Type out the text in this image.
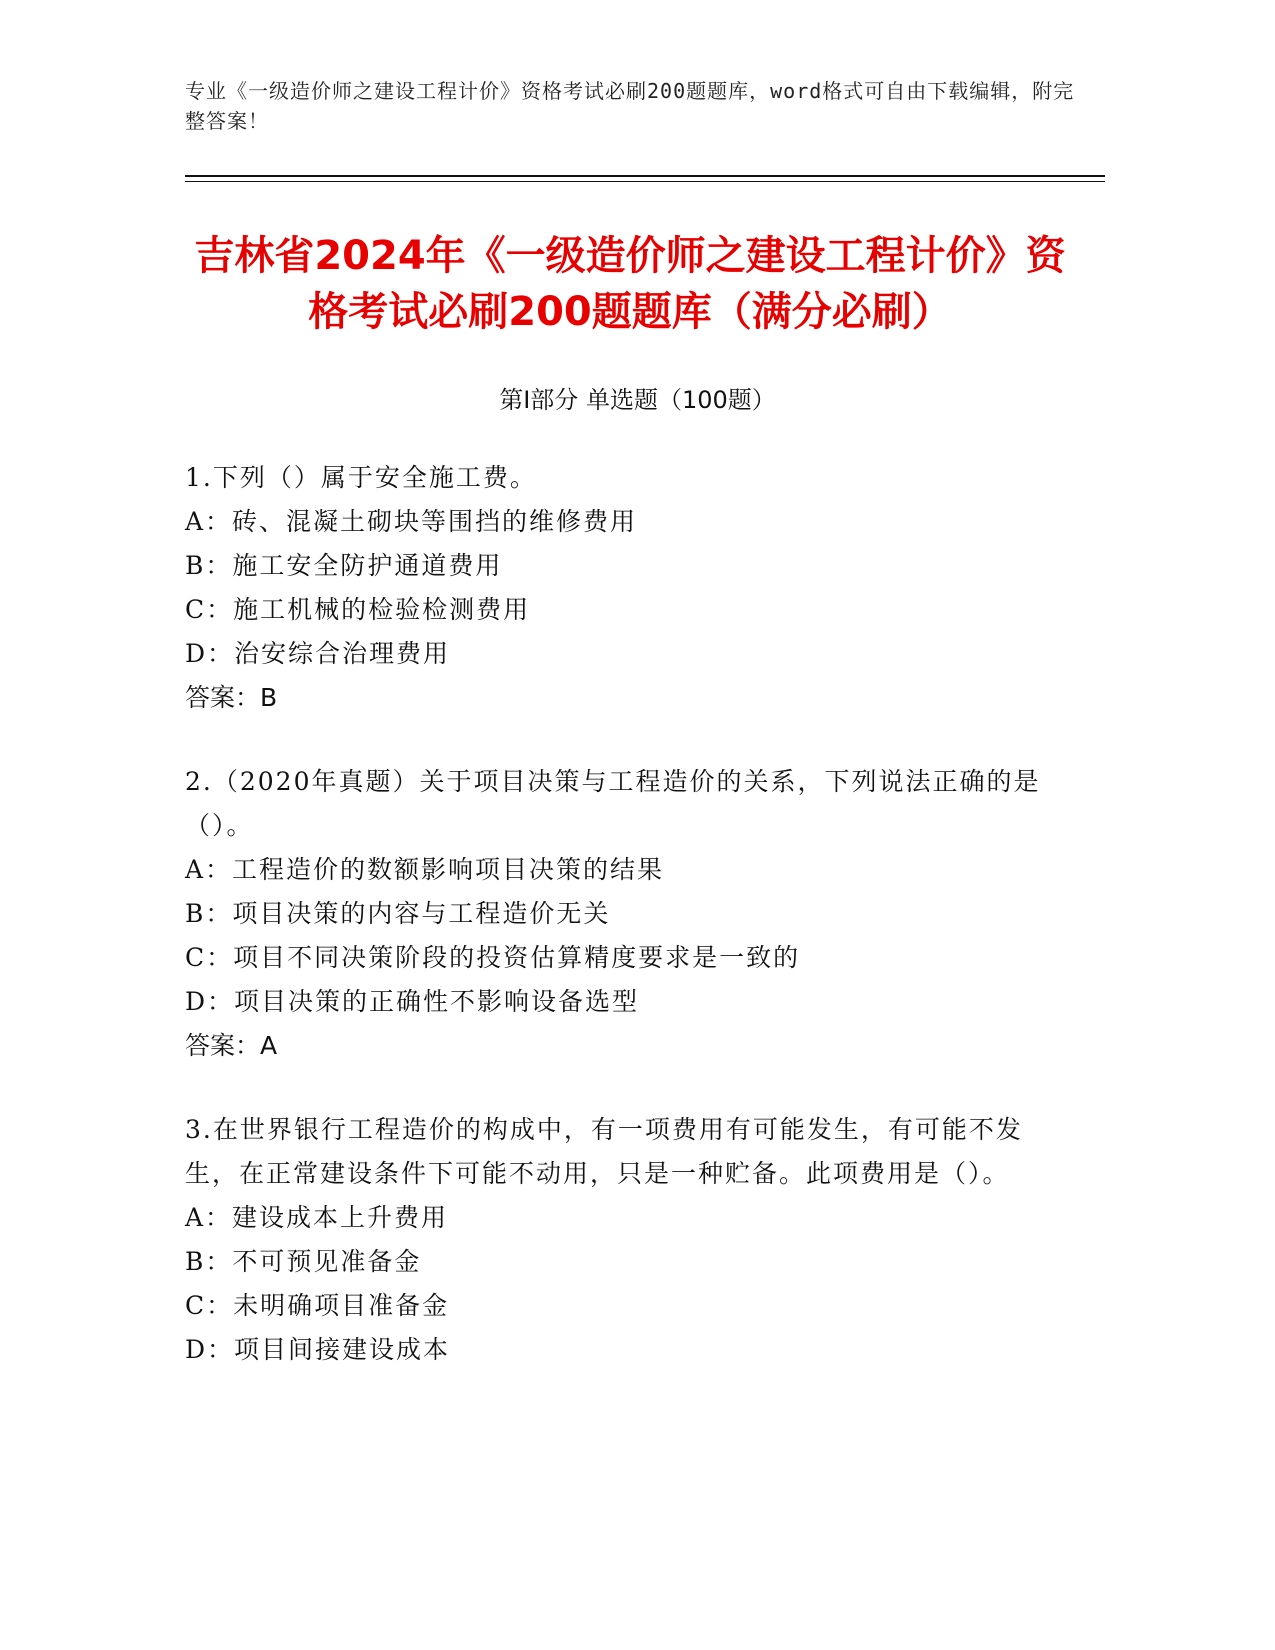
专业《一级造价师之建设工程计价》资格考试必刷200题题库，word格式可自由下载编辑，附完整答案！
吉林省2024年《一级造价师之建设工程计价》资格考试必刷200题题库（满分必刷）
第I部分 单选题（100题）
1.下列（）属于安全施工费。
A：砖、混凝土砌块等围挡的维修费用
B：施工安全防护通道费用
C：施工机械的检验检测费用
D：治安综合治理费用
答案：B
2.（2020年真题）关于项目决策与工程造价的关系，下列说法正确的是（）。
A：工程造价的数额影响项目决策的结果
B：项目决策的内容与工程造价无关
C：项目不同决策阶段的投资估算精度要求是一致的
D：项目决策的正确性不影响设备选型
答案：A
3.在世界银行工程造价的构成中，有一项费用有可能发生，有可能不发生，在正常建设条件下可能不动用，只是一种贮备。此项费用是（）。
A：建设成本上升费用
B：不可预见准备金
C：未明确项目准备金
D：项目间接建设成本
